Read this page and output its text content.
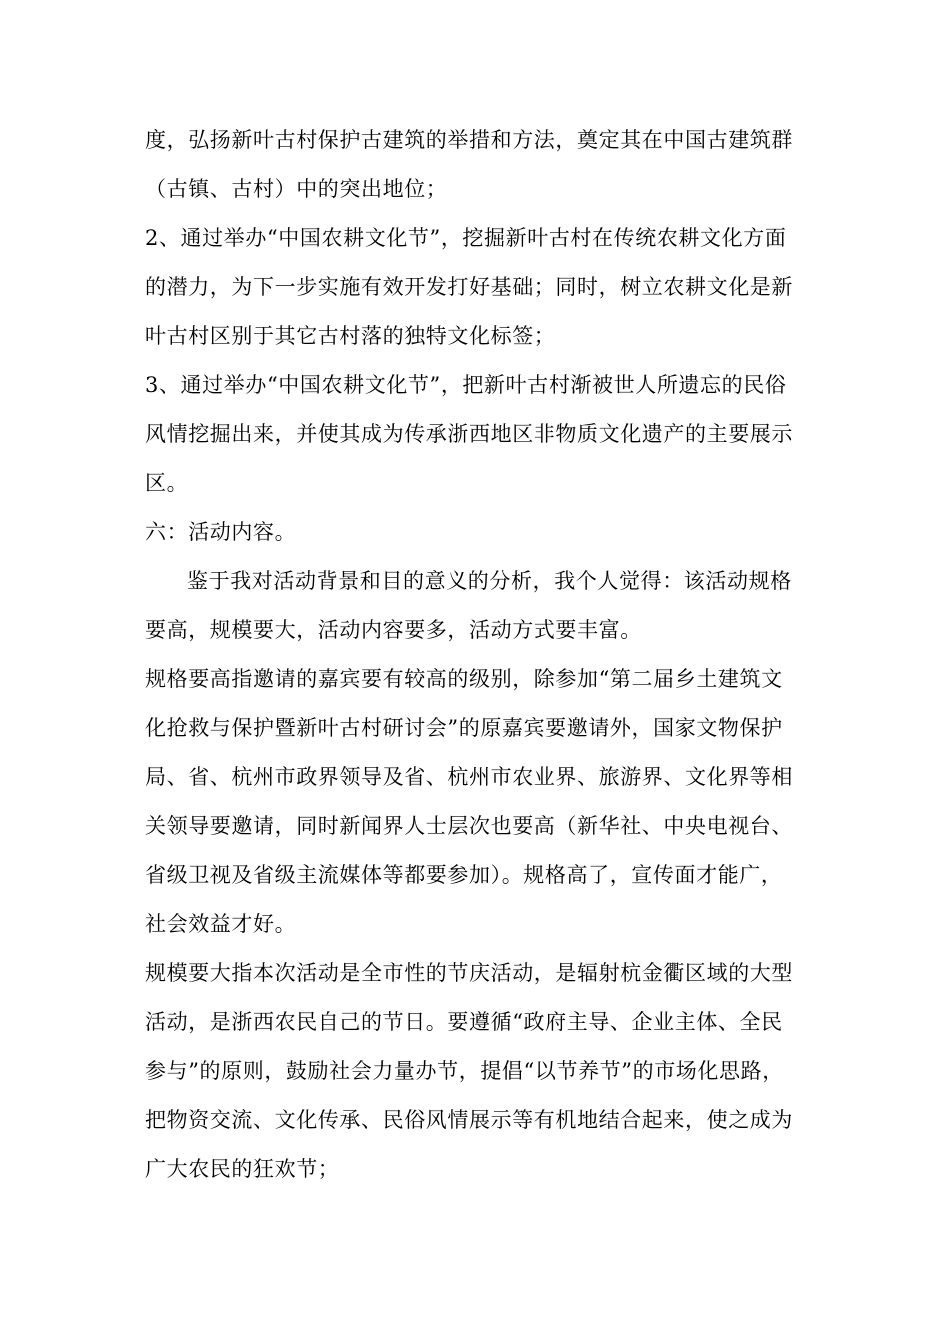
度，弘扬新叶古村保护古建筑的举措和方法，奠定其在中国古建筑群
（古镇、古村）中的突出地位；
2、通过举办“中国农耕文化节”，挖掘新叶古村在传统农耕文化方面
的潜力，为下一步实施有效开发打好基础；同时，树立农耕文化是新
叶古村区别于其它古村落的独特文化标签；
3、通过举办“中国农耕文化节”，把新叶古村渐被世人所遗忘的民俗
风情挖掘出来，并使其成为传承浙西地区非物质文化遗产的主要展示
区。
六：活动内容。
鉴于我对活动背景和目的意义的分析，我个人觉得：该活动规格
要高，规模要大，活动内容要多，活动方式要丰富。
规格要高指邀请的嘉宾要有较高的级别，除参加“第二届乡土建筑文
化抢救与保护暨新叶古村研讨会”的原嘉宾要邀请外，国家文物保护
局、省、杭州市政界领导及省、杭州市农业界、旅游界、文化界等相
关领导要邀请，同时新闻界人士层次也要高（新华社、中央电视台、
省级卫视及省级主流媒体等都要参加）。规格高了，宣传面才能广，
社会效益才好。
规模要大指本次活动是全市性的节庆活动，是辐射杭金衢区域的大型
活动，是浙西农民自己的节日。要遵循“政府主导、企业主体、全民
参与”的原则，鼓励社会力量办节，提倡“以节养节”的市场化思路，
把物资交流、文化传承、民俗风情展示等有机地结合起来，使之成为
广大农民的狂欢节；
